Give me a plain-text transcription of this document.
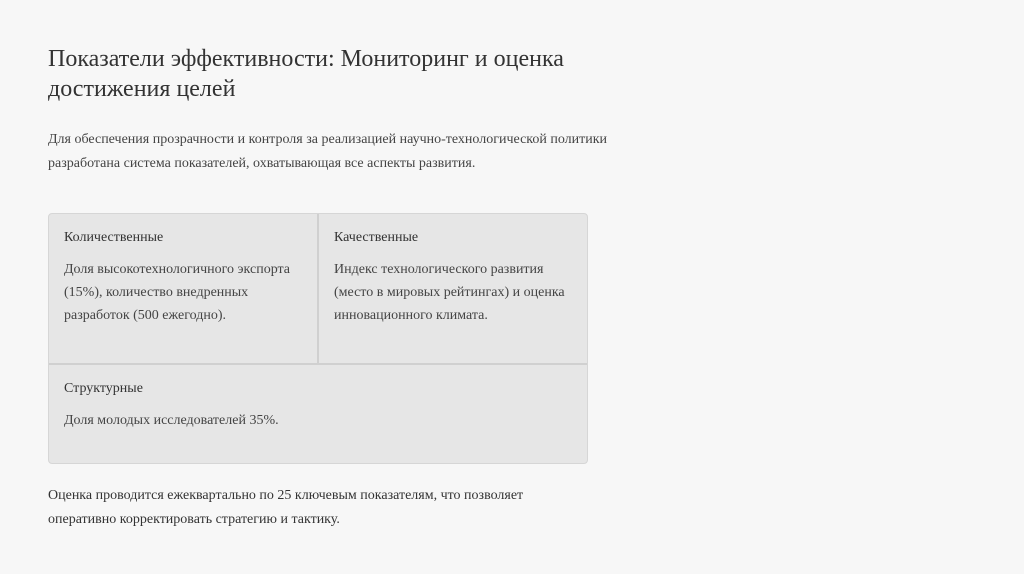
Показатели эффективности: Мониторинг и оценка достижения целей

Для обеспечения прозрачности и контроля за реализацией научно-технологической политики разработана система показателей, охватывающая все аспекты развития.

Количественные

Доля высокотехнологичного экспорта (15%), количество внедренных разработок (500 ежегодно).

Качественные

Индекс технологического развития (место в мировых рейтингах) и оценка инновационного климата.

Структурные

Доля молодых исследователей 35%.

Оценка проводится ежеквартально по 25 ключевым показателям, что позволяет оперативно корректировать стратегию и тактику.
